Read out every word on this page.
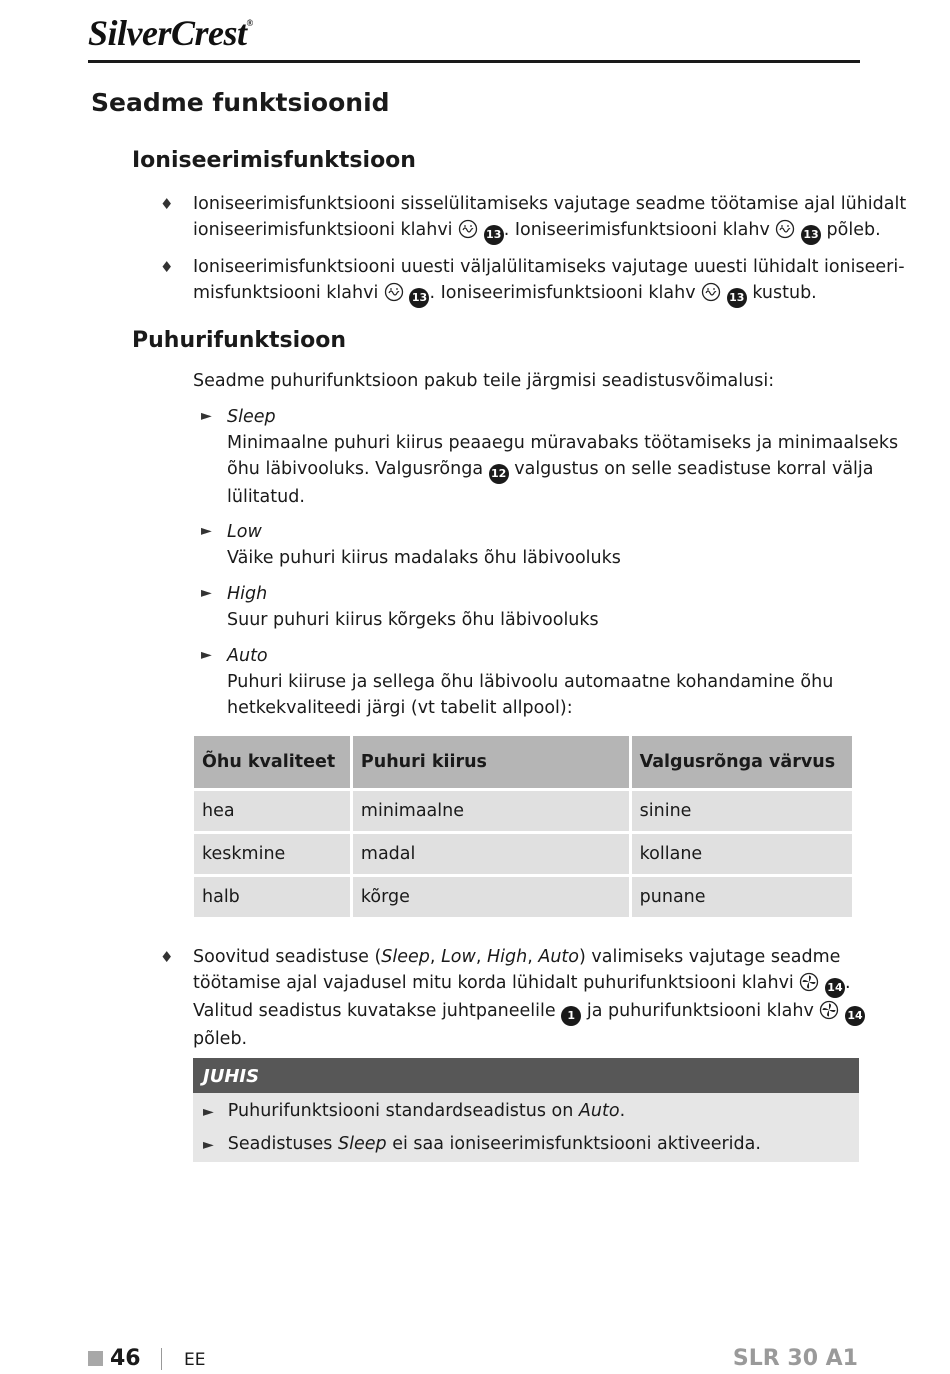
SilverCrest®
Seadme funktsioonid
Ioniseerimisfunktsioon
♦ Ioniseerimisfunktsiooni sisselülitamiseks vajutage seadme töötamise ajal lühidalt
ioniseerimisfunktsiooni klahvi	13 . Ioniseerimisfunktsiooni klahv	13 põleb.
♦ Ioniseerimisfunktsiooni uuesti väljalülitamiseks vajutage uuesti lühidalt ioniseeri-
misfunktsiooni klahvi	13 . Ioniseerimisfunktsiooni klahv	13 kustub.
Puhurifunktsioon
Seadme puhurifunktsioon pakub teile järgmisi seadistusvõimalusi:
► Sleep
Minimaalne puhuri kiirus peaaegu müravabaks töötamiseks ja minimaalseks
õhu läbivooluks. Valgusrõnga 12 valgustus on selle seadistuse korral välja
lülitatud.
► Low
Väike puhuri kiirus madalaks õhu läbivooluks
► High
Suur puhuri kiirus kõrgeks õhu läbivooluks
► Auto
Puhuri kiiruse ja sellega õhu läbivoolu automaatne kohandamine õhu
hetkekvaliteedi järgi (vt tabelit allpool):
Õhu kvaliteet	Puhuri kiirus	Valgusrõnga värvus
hea	minimaalne	sinine
keskmine	madal	kollane
halb	kõrge	punane
♦ Soovitud seadistuse (Sleep, Low, High, Auto) valimiseks vajutage seadme
töötamise ajal vajadusel mitu korda lühidalt puhurifunktsiooni klahvi	14 .
Valitud seadistus kuvatakse juhtpaneelile 1 ja puhurifunktsiooni klahv	14
põleb.
JUHIS
► Puhurifunktsiooni standardseadistus on Auto.
► Seadistuses Sleep ei saa ioniseerimisfunktsiooni aktiveerida.
46	EE	SLR 30 A1
